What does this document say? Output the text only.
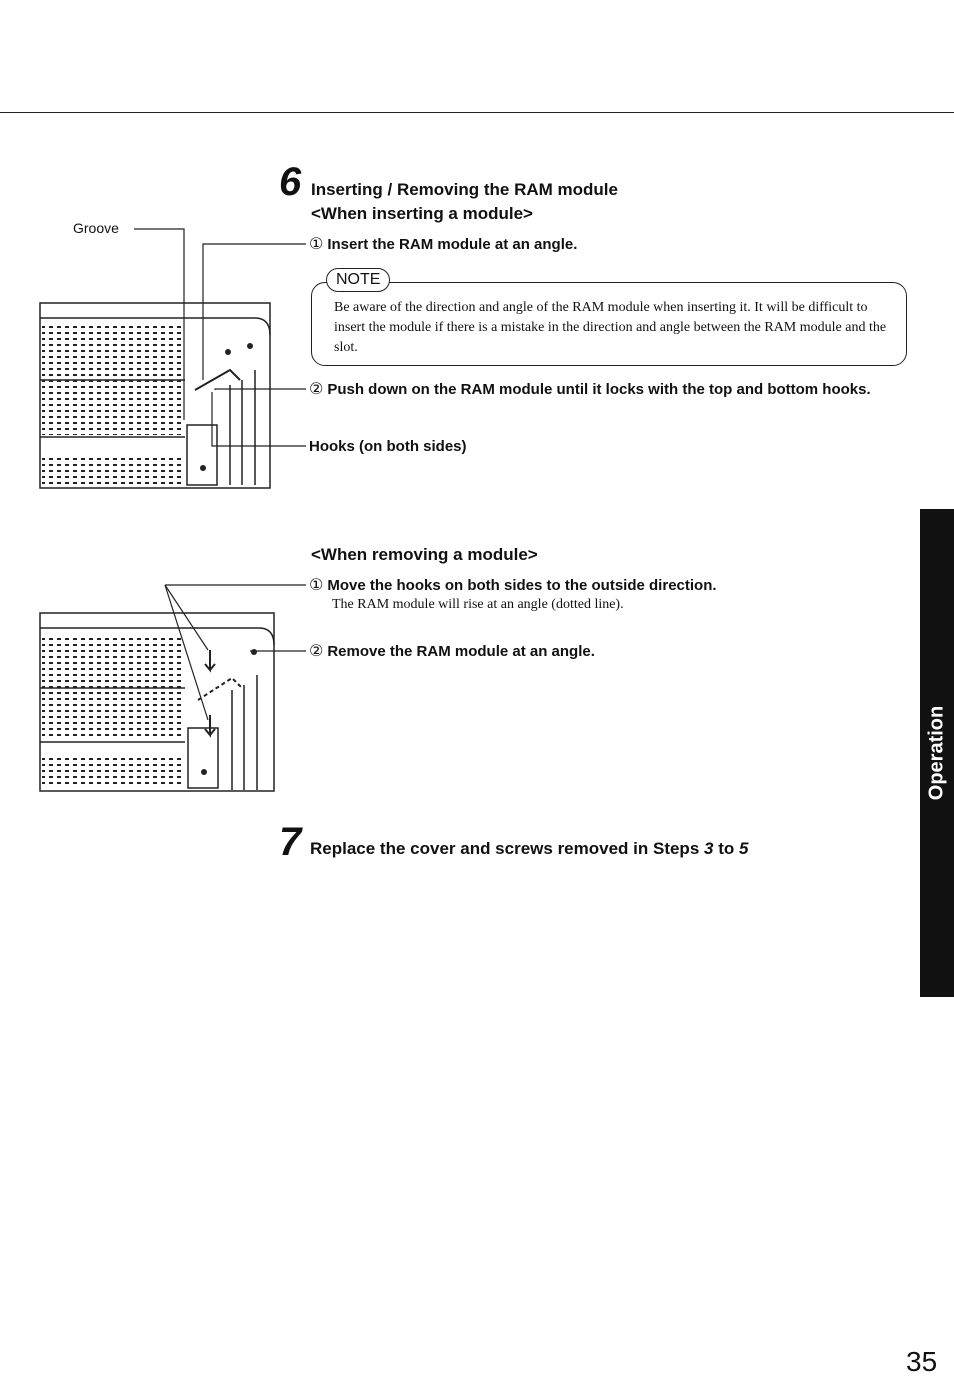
Groove
6 Inserting / Removing the RAM module
<When inserting a module>
① Insert the RAM module at an angle.
NOTE
Be aware of the direction and angle of the RAM module when inserting it. It will be difficult to insert the module if there is a mistake in the direction and angle between the RAM module and the slot.
② Push down on the RAM module until it locks with the top and bottom hooks.
Hooks (on both sides)
<When removing a module>
① Move the hooks on both sides to the outside direction.
The RAM module will rise at an angle (dotted line).
② Remove the RAM module at an angle.
7 Replace the cover and screws removed in Steps 3 to 5
Operation
35
